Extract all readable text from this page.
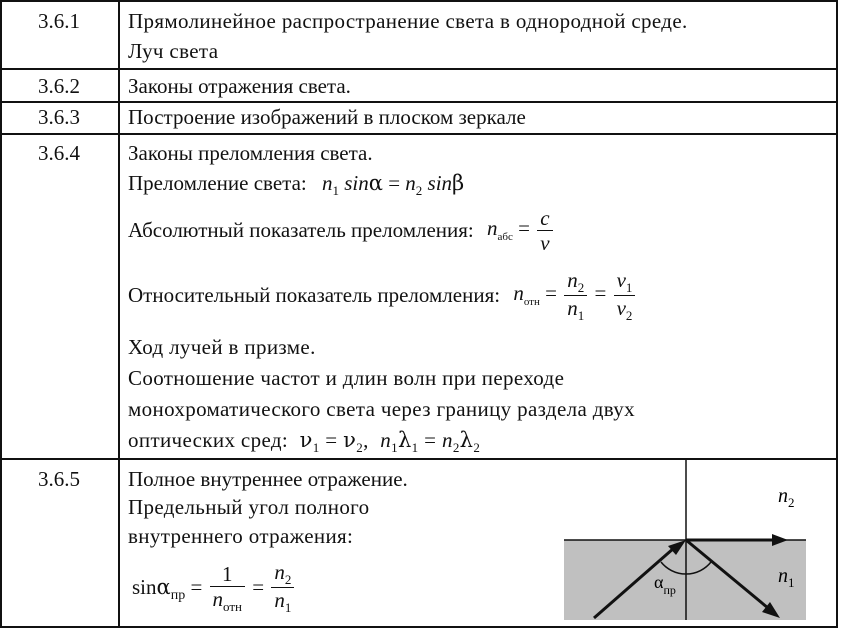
3.6.1	Прямолинейное распространение света в однородной среде.
Луч света
3.6.2	Законы отражения света.
3.6.3	Построение изображений в плоском зеркале
3.6.4	Законы преломления света.
Преломление света: $n_1$ $\sin\alpha = n_2$ sinβ
Абсолютный показатель преломления: $n_{абс} = \frac{c}{v}$
Относительный показатель преломления: $n_{отн} = \frac{n_2}{n_1} = \frac{v_1}{v_2}$
Ход лучей в призме.
Соотношение частот и длин волн при переходе
монохроматического света через границу раздела двух
оптических сред: $\nu_1 = \nu_2$, $n_1\lambda_1 = n_2\lambda_2$
3.6.5	Полное внутреннее отражение.
Предельный угол полного
внутреннего отражения:
$\sin\alpha_{пр} = \frac{1}{n_{отн}} = \frac{n_2}{n_1}$
$n_2$
$n_1$
$\alpha_{пр}$
